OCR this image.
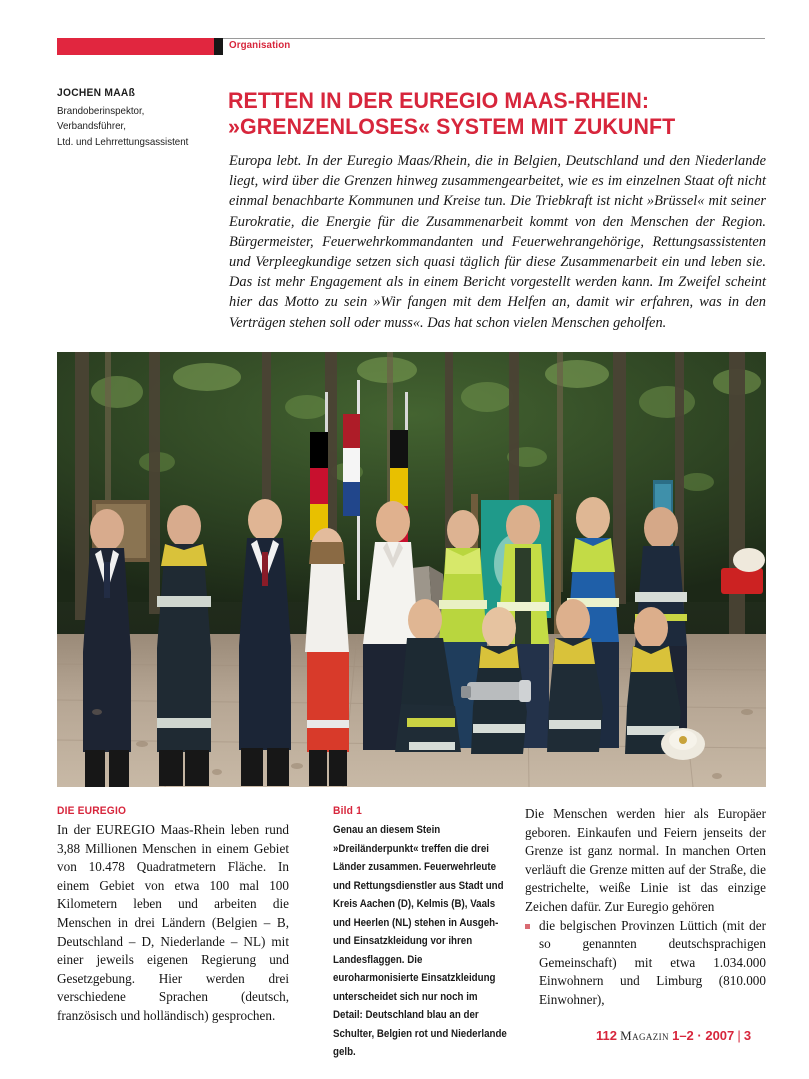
Organisation
JOCHEN MAAß
Brandoberinspektor,
Verbandsführer,
Ltd. und Lehrrettungsassistent
RETTEN IN DER EUREGIO MAAS-RHEIN:
»GRENZENLOSES« SYSTEM MIT ZUKUNFT
Europa lebt. In der Euregio Maas/Rhein, die in Belgien, Deutschland und den Niederlande liegt, wird über die Grenzen hinweg zusammengearbeitet, wie es im einzelnen Staat oft nicht einmal benachbarte Kommunen und Kreise tun. Die Triebkraft ist nicht »Brüssel« mit seiner Eurokratie, die Energie für die Zusammenarbeit kommt von den Menschen der Region. Bürgermeister, Feuerwehrkommandanten und Feuerwehrangehörige, Rettungsassistenten und Verpleegkundige setzen sich quasi täglich für diese Zusammenarbeit ein und leben sie. Das ist mehr Engagement als in einem Bericht vorgestellt werden kann. Im Zweifel scheint hier das Motto zu sein »Wir fangen mit dem Helfen an, damit wir erfahren, was in den Verträgen stehen soll oder muss«. Das hat schon vielen Menschen geholfen.
DIE EUREGIO

In der EUREGIO Maas-Rhein leben rund 3,88 Millionen Menschen in einem Gebiet von 10.478 Quadratmetern Fläche. In einem Gebiet von etwa 100 mal 100 Kilometern leben und arbeiten die Menschen in drei Ländern (Belgien – B, Deutschland – D, Niederlande – NL) mit einer jeweils eigenen Regierung und Gesetzgebung. Hier werden drei verschiedene Sprachen (deutsch, französisch und holländisch) gesprochen.

Bild 1

Genau an diesem Stein »Dreiländerpunkt« treffen die drei Länder zusammen. Feuerwehrleute und Rettungsdienstler aus Stadt und Kreis Aachen (D), Kelmis (B), Vaals und Heerlen (NL) stehen in Ausgeh- und Einsatzkleidung vor ihren Landesflaggen. Die euroharmonisierte Einsatzkleidung unterscheidet sich nur noch im Detail: Deutschland blau an der Schulter, Belgien rot und Niederlande gelb.

Die Menschen werden hier als Europäer geboren. Einkaufen und Feiern jenseits der Grenze ist ganz normal. In manchen Orten verläuft die Grenze mitten auf der Straße, die gestrichelte, weiße Linie ist das einzige Zeichen dafür. Zur Euregio gehören

die belgischen Provinzen Lüttich (mit der so genannten deutschsprachigen Gemeinschaft) mit etwa 1.034.000 Einwohnern und Limburg (810.000 Einwohner),
112 Magazin 1–2 · 2007 | 3
